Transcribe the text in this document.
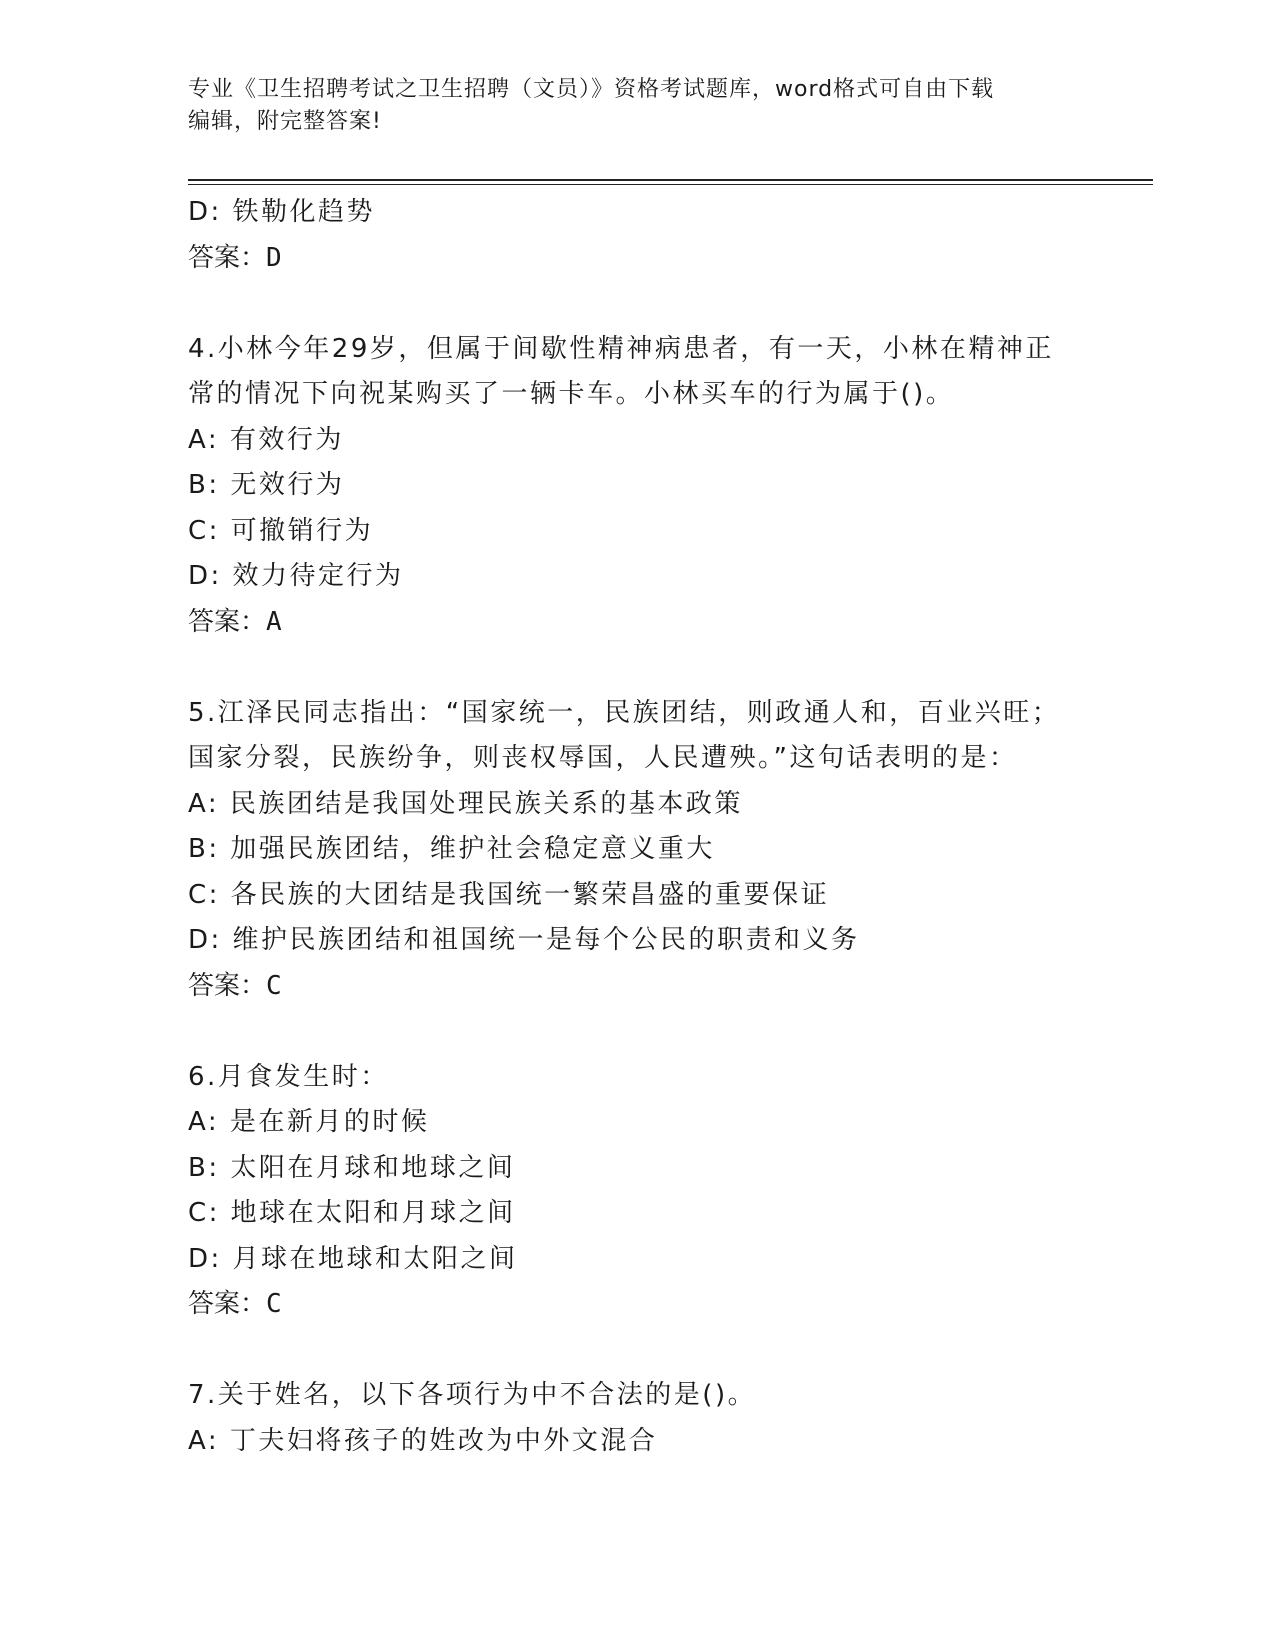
专业《卫生招聘考试之卫生招聘（文员）》资格考试题库，word格式可自由下载
编辑，附完整答案!
D: 铁勒化趋势
答案：D
4.小林今年29岁，但属于间歇性精神病患者，有一天，小林在精神正
常的情况下向祝某购买了一辆卡车。小林买车的行为属于()。
A: 有效行为
B: 无效行为
C: 可撤销行为
D: 效力待定行为
答案：A
5.江泽民同志指出：“国家统一，民族团结，则政通人和，百业兴旺；
国家分裂，民族纷争，则丧权辱国，人民遭殃。”这句话表明的是：
A: 民族团结是我国处理民族关系的基本政策
B: 加强民族团结，维护社会稳定意义重大
C: 各民族的大团结是我国统一繁荣昌盛的重要保证
D: 维护民族团结和祖国统一是每个公民的职责和义务
答案：C
6.月食发生时：
A: 是在新月的时候
B: 太阳在月球和地球之间
C: 地球在太阳和月球之间
D: 月球在地球和太阳之间
答案：C
7.关于姓名，以下各项行为中不合法的是()。
A: 丁夫妇将孩子的姓改为中外文混合
